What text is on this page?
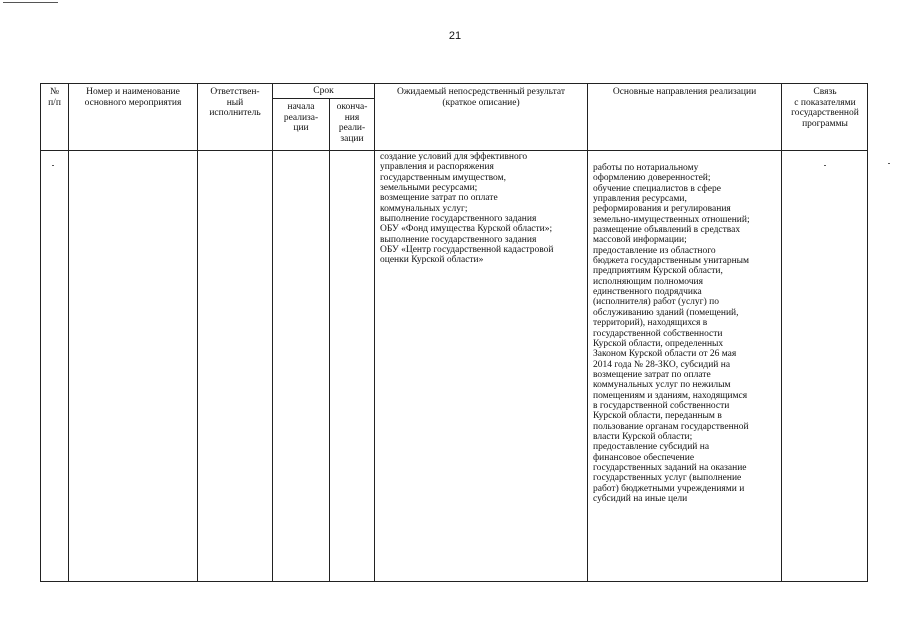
21
№
п/п
Номер и наименование
основного мероприятия
Ответствен-
ный
исполнитель
Срок
начала
реализа-
ции
оконча-
ния
реали-
зации
Ожидаемый непосредственный результат
(краткое описание)
Основные направления реализации	Связь
с показателями
государственной
программы
создание условий для эффективного
управления и распоряжения
государственным имуществом,
земельными ресурсами;
возмещение затрат по оплате
коммунальных услуг;
выполнение государственного задания
ОБУ «Фонд имущества Курской области»;
выполнение государственного задания
ОБУ «Центр государственной кадастровой
оценки Курской области»
работы по нотариальному
оформлению доверенностей;
обучение специалистов в сфере
управления ресурсами,
реформирования и регулирования
земельно-имущественных отношений;
размещение объявлений в средствах
массовой информации;
предоставление из областного
бюджета государственным унитарным
предприятиям Курской области,
исполняющим полномочия
единственного подрядчика
(исполнителя) работ (услуг) по
обслуживанию зданий (помещений,
территорий), находящихся в
государственной собственности
Курской области, определенных
Законом Курской области от 26 мая
2014 года № 28-ЗКО, субсидий на
возмещение затрат по оплате
коммунальных услуг по нежилым
помещениям и зданиям, находящимся
в государственной собственности
Курской области, переданным в
пользование органам государственной
власти Курской области;
предоставление субсидий на
финансовое обеспечение
государственных заданий на оказание
государственных услуг (выполнение
работ) бюджетными учреждениями и
субсидий на иные цели
